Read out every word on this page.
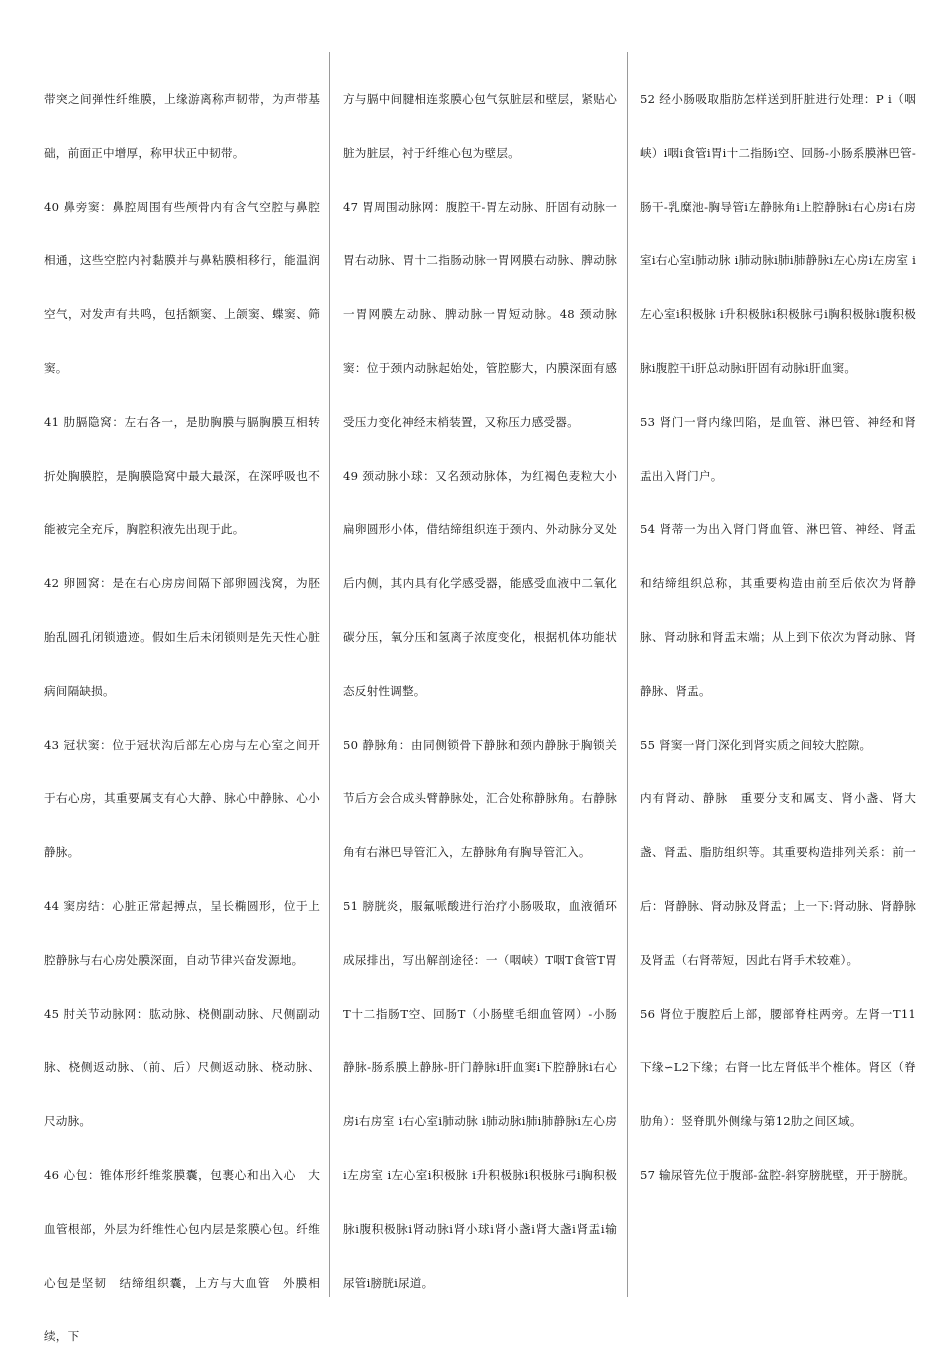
带突之间弹性纤维膜，上缘游离称声韧带，为声带基础，前面正中增厚，称甲状正中韧带。

40 鼻旁窦：鼻腔周围有些颅骨内有含气空腔与鼻腔相通，这些空腔内衬黏膜并与鼻粘膜相移行，能温润空气，对发声有共鸣，包括额窦、上颌窦、蝶窦、筛窦。

41 肋膈隐窝：左右各一，是肋胸膜与膈胸膜互相转折处胸膜腔，是胸膜隐窝中最大最深，在深呼吸也不能被完全充斥，胸腔积液先出现于此。

42 卵圆窝：是在右心房房间隔下部卵圆浅窝，为胚胎乱圆孔闭锁遗迹。假如生后未闭锁则是先天性心脏病间隔缺损。

43 冠状窦：位于冠状沟后部左心房与左心室之间开于右心房，其重要属支有心大静、脉心中静脉、心小静脉。

44 窦房结：心脏正常起搏点，呈长椭圆形，位于上腔静脉与右心房处膜深面，自动节律兴奋发源地。

45 肘关节动脉网：肱动脉、桡侧副动脉、尺侧副动脉、桡侧返动脉、（前、后）尺侧返动脉、桡动脉、尺动脉。

46 心包：锥体形纤维浆膜囊，包裹心和出入心　大血管根部，外层为纤维性心包内层是浆膜心包。纤维心包是坚韧　结缔组织囊，上方与大血管　外膜相续，下

方与膈中间腱相连浆膜心包气氛脏层和壁层，紧贴心脏为脏层，衬于纤维心包为壁层。

47 胃周围动脉网：腹腔干-胃左动脉、肝固有动脉一胃右动脉、胃十二指肠动脉一胃网膜右动脉、脾动脉一胃网膜左动脉、脾动脉一胃短动脉。48 颈动脉窦：位于颈内动脉起始处，管腔膨大，内膜深面有感受压力变化神经末梢装置，又称压力感受器。

49 颈动脉小球：又名颈动脉体，为红褐色麦粒大小扁卵圆形小体，借结缔组织连于颈内、外动脉分叉处后内侧，其内具有化学感受器，能感受血液中二氧化碳分压，氧分压和氢离子浓度变化，根据机体功能状态反射性调整。

50 静脉角：由同侧锁骨下静脉和颈内静脉于胸锁关节后方会合成头臂静脉处，汇合处称静脉角。右静脉角有右淋巴导管汇入，左静脉角有胸导管汇入。

51 膀胱炎，服氟哌酸进行治疗小肠吸取，血液循环成尿排出，写出解剖途径：一（咽峡）T咽T食管T胃T十二指肠T空、回肠T（小肠壁毛细血管网）-小肠静脉-肠系膜上静脉-肝门静脉i肝血窦i下腔静脉i右心房i右房室 i右心室i肺动脉 i肺动脉i肺i肺静脉i左心房i左房室 i左心室i积极脉 i升积极脉i积极脉弓i胸积极脉i腹积极脉i肾动脉i肾小球i肾小盏i肾大盏i肾盂i输尿管i膀胱i尿道。

52 经小肠吸取脂肪怎样送到肝脏进行处理：P i（咽峡）i咽i食管i胃i十二指肠i空、回肠-小肠系膜淋巴管-肠干-乳糜池-胸导管i左静脉角i上腔静脉i右心房i右房室i右心室i肺动脉 i肺动脉i肺i肺静脉i左心房i左房室 i左心室i积极脉 i升积极脉i积极脉弓i胸积极脉i腹积极脉i腹腔干i肝总动脉i肝固有动脉i肝血窦。

53 肾门一肾内缘凹陷，是血管、淋巴管、神经和肾盂出入肾门户。

54 肾蒂一为出入肾门肾血管、淋巴管、神经、肾盂和结缔组织总称，其重要构造由前至后依次为肾静脉、肾动脉和肾盂末端；从上到下依次为肾动脉、肾静脉、肾盂。

55 肾窦一肾门深化到肾实质之间较大腔隙。

内有肾动、静脉　重要分支和属支、肾小盏、肾大盏、肾盂、脂肪组织等。其重要构造排列关系：前一后：肾静脉、肾动脉及肾盂；上一下:肾动脉、肾静脉及肾盂（右肾蒂短，因此右肾手术较难）。

56 肾位于腹腔后上部，腰部脊柱两旁。左肾一T11下缘∽L2下缘；右肾一比左肾低半个椎体。肾区（脊肋角）：竖脊肌外侧缘与第12肋之间区域。

57 输尿管先位于腹部-盆腔-斜穿膀胱壁，开于膀胱。
